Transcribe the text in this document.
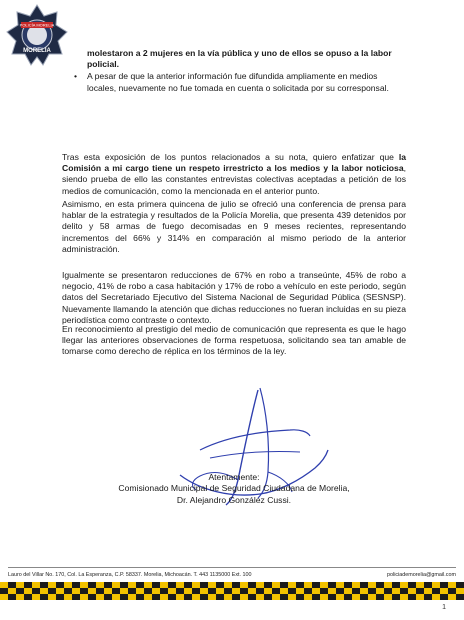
POLICÍA MORELIA
MORELIA	molestaron a 2 mujeres en la vía pública y uno de ellos se opuso a la labor policial.
• A pesar de que la anterior información fue difundida ampliamente en medios locales, nuevamente no fue tomada en cuenta o solicitada por su corresponsal.

Tras esta exposición de los puntos relacionados a su nota, quiero enfatizar que la Comisión a mi cargo tiene un respeto irrestricto a los medios y la labor noticiosa, siendo prueba de ello las constantes entrevistas colectivas aceptadas a petición de los medios de comunicación, como la mencionada en el anterior punto.

Asimismo, en esta primera quincena de julio se ofreció una conferencia de prensa para hablar de la estrategia y resultados de la Policía Morelia, que presenta 439 detenidos por delito y 58 armas de fuego decomisadas en 9 meses recientes, representando incrementos del 66% y 314% en comparación al mismo periodo de la anterior administración.

Igualmente se presentaron reducciones de 67% en robo a transeúnte, 45% de robo a negocio, 41% de robo a casa habitación y 17% de robo a vehículo en este periodo, según datos del Secretariado Ejecutivo del Sistema Nacional de Seguridad Pública (SESNSP). Nuevamente llamando la atención que dichas reducciones no fueran incluidas en su pieza periodística como contraste o contexto.

En reconocimiento al prestigio del medio de comunicación que representa es que le hago llegar las anteriores observaciones de forma respetuosa, solicitando sea tan amable de tomarse como derecho de réplica en los términos de la ley.

Atentamente:
Comisionado Municipal de Seguridad Ciudadana de Morelia,
Dr. Alejandro González Cussi.
Lauro del Villar No. 170, Col. La Esperanza, C.P. 58337. Morelia, Michoacán. T. 443 1135000 Ext. 100	policiademorelia@gmail.com
1
